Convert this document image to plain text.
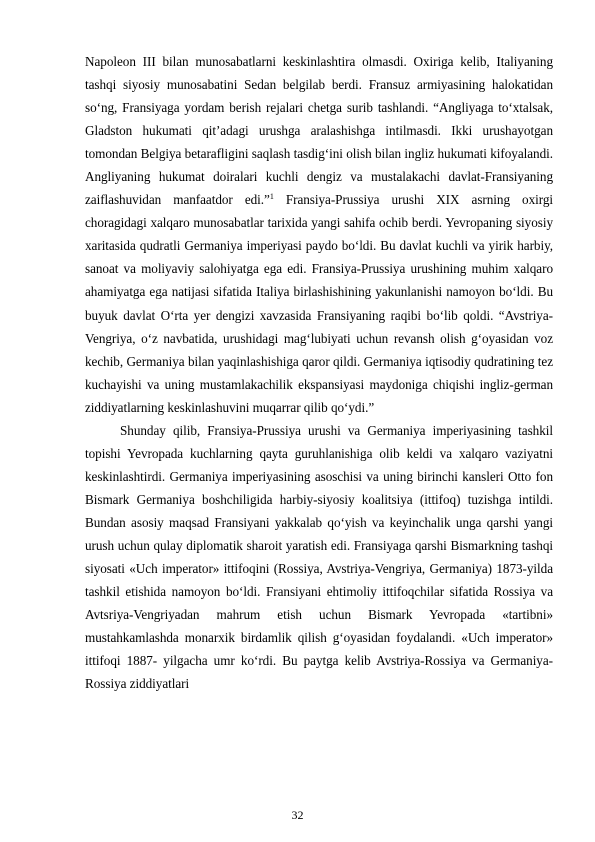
Napoleon III bilan munosabatlarni keskinlashtira olmasdi. Oxiriga kelib, Italiyaning tashqi siyosiy munosabatini Sedan belgilab berdi. Fransuz armiyasining halokatidan so‘ng, Fransiyaga yordam berish rejalari chetga surib tashlandi. “Angliyaga to‘xtalsak, Gladston hukumati qit’adagi urushga aralashishga intilmasdi. Ikki urushayotgan tomondan Belgiya betarafligini saqlash tasdig‘ini olish bilan ingliz hukumati kifoyalandi. Angliyaning hukumat doiralari kuchli dengiz va mustalakachi davlat-Fransiyaning zaiflashuvidan manfaatdor edi.”$^1$ Fransiya-Prussiya urushi XIX asrning oxirgi choragidagi xalqaro munosabatlar tarixida yangi sahifa ochib berdi. Yevropaning siyosiy xaritasida qudratli Germaniya imperiyasi paydo bo‘ldi. Bu davlat kuchli va yirik harbiy, sanoat va moliyaviy salohiyatga ega edi. Fransiya-Prussiya urushining muhim xalqaro ahamiyatga ega natijasi sifatida Italiya birlashishining yakunlanishi namoyon bo‘ldi. Bu buyuk davlat O‘rta yer dengizi xavzasida Fransiyaning raqibi bo‘lib qoldi. “Avstriya-Vengriya, o‘z navbatida, urushidagi mag‘lubiyati uchun revansh olish g‘oyasidan voz kechib, Germaniya bilan yaqinlashishiga qaror qildi. Germaniya iqtisodiy qudratining tez kuchayishi va uning mustamlakachilik ekspansiyasi maydoniga chiqishi ingliz-german ziddiyatlarning keskinlashuvini muqarrar qilib qo‘ydi.”

Shunday qilib, Fransiya-Prussiya urushi va Germaniya imperiyasining tashkil topishi Yevropada kuchlarning qayta guruhlanishiga olib keldi va xalqaro vaziyatni keskinlashtirdi. Germaniya imperiyasining asoschisi va uning birinchi kansleri Otto fon Bismark Germaniya boshchiligida harbiy-siyosiy koalitsiya (ittifoq) tuzishga intildi. Bundan asosiy maqsad Fransiyani yakkalab qo‘yish va keyinchalik unga qarshi yangi urush uchun qulay diplomatik sharoit yaratish edi. Fransiyaga qarshi Bismarkning tashqi siyosati «Uch imperator» ittifoqini (Rossiya, Avstriya-Vengriya, Germaniya) 1873-yilda tashkil etishida namoyon bo‘ldi. Fransiyani ehtimoliy ittifoqchilar sifatida Rossiya va Avtsriya-Vengriyadan mahrum etish uchun Bismark Yevropada «tartibni» mustahkamlashda monarxik birdamlik qilish g‘oyasidan foydalandi. «Uch imperator» ittifoqi 1887- yilgacha umr ko‘rdi. Bu paytga kelib Avstriya-Rossiya va Germaniya-Rossiya ziddiyatlari

32
